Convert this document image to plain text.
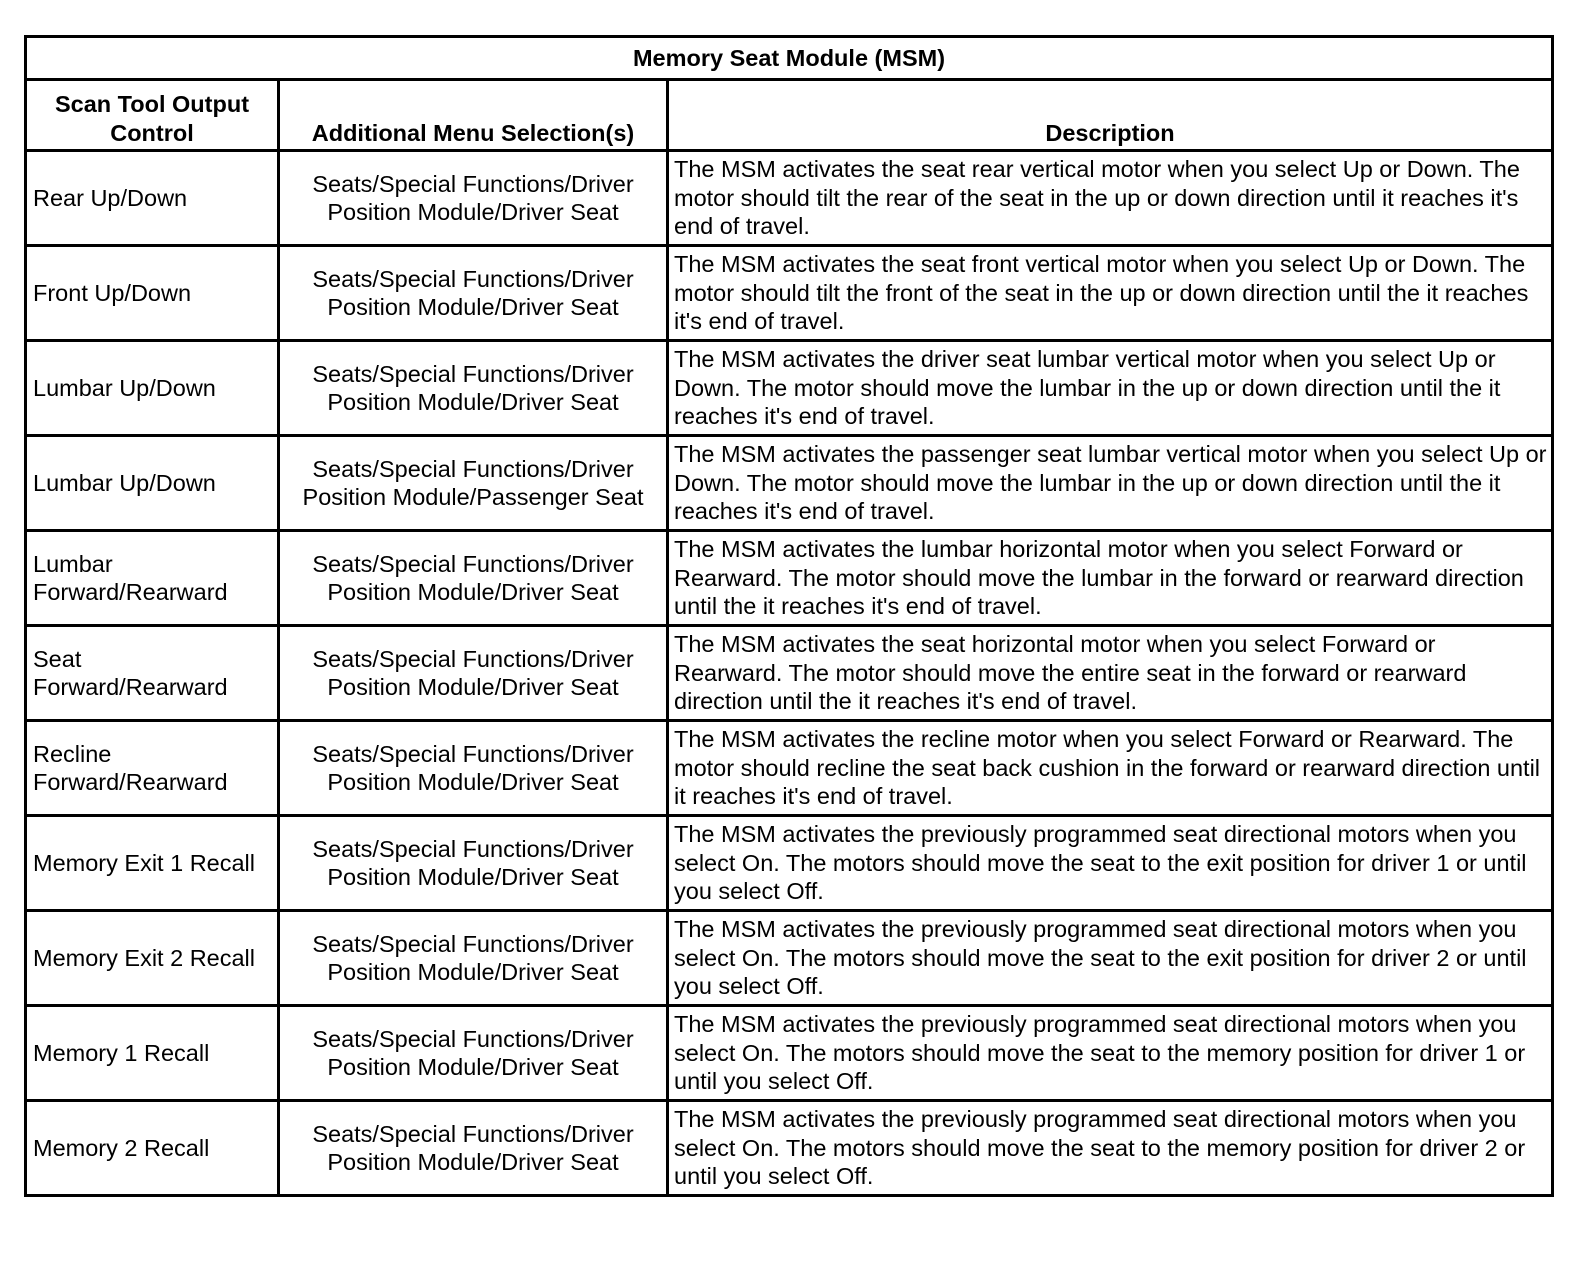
Memory Seat Module (MSM)		
Scan Tool Output Control	Additional Menu Selection(s)	Description
Rear Up/Down	Seats/Special Functions/Driver Position Module/Driver Seat	The MSM activates the seat rear vertical motor when you select Up or Down. The motor should tilt the rear of the seat in the up or down direction until it reaches it's end of travel.
Front Up/Down	Seats/Special Functions/Driver Position Module/Driver Seat	The MSM activates the seat front vertical motor when you select Up or Down. The motor should tilt the front of the seat in the up or down direction until the it reaches it's end of travel.
Lumbar Up/Down	Seats/Special Functions/Driver Position Module/Driver Seat	The MSM activates the driver seat lumbar vertical motor when you select Up or Down. The motor should move the lumbar in the up or down direction until the it reaches it's end of travel.
Lumbar Up/Down	Seats/Special Functions/Driver Position Module/Passenger Seat	The MSM activates the passenger seat lumbar vertical motor when you select Up or Down. The motor should move the lumbar in the up or down direction until the it reaches it's end of travel.
Lumbar Forward/Rearward	Seats/Special Functions/Driver Position Module/Driver Seat	The MSM activates the lumbar horizontal motor when you select Forward or Rearward. The motor should move the lumbar in the forward or rearward direction until the it reaches it's end of travel.
Seat Forward/Rearward	Seats/Special Functions/Driver Position Module/Driver Seat	The MSM activates the seat horizontal motor when you select Forward or Rearward. The motor should move the entire seat in the forward or rearward direction until the it reaches it's end of travel.
Recline Forward/Rearward	Seats/Special Functions/Driver Position Module/Driver Seat	The MSM activates the recline motor when you select Forward or Rearward. The motor should recline the seat back cushion in the forward or rearward direction until it reaches it's end of travel.
Memory Exit 1 Recall	Seats/Special Functions/Driver Position Module/Driver Seat	The MSM activates the previously programmed seat directional motors when you select On. The motors should move the seat to the exit position for driver 1 or until you select Off.
Memory Exit 2 Recall	Seats/Special Functions/Driver Position Module/Driver Seat	The MSM activates the previously programmed seat directional motors when you select On. The motors should move the seat to the exit position for driver 2 or until you select Off.
Memory 1 Recall	Seats/Special Functions/Driver Position Module/Driver Seat	The MSM activates the previously programmed seat directional motors when you select On. The motors should move the seat to the memory position for driver 1 or until you select Off.
Memory 2 Recall	Seats/Special Functions/Driver Position Module/Driver Seat	The MSM activates the previously programmed seat directional motors when you select On. The motors should move the seat to the memory position for driver 2 or until you select Off.
